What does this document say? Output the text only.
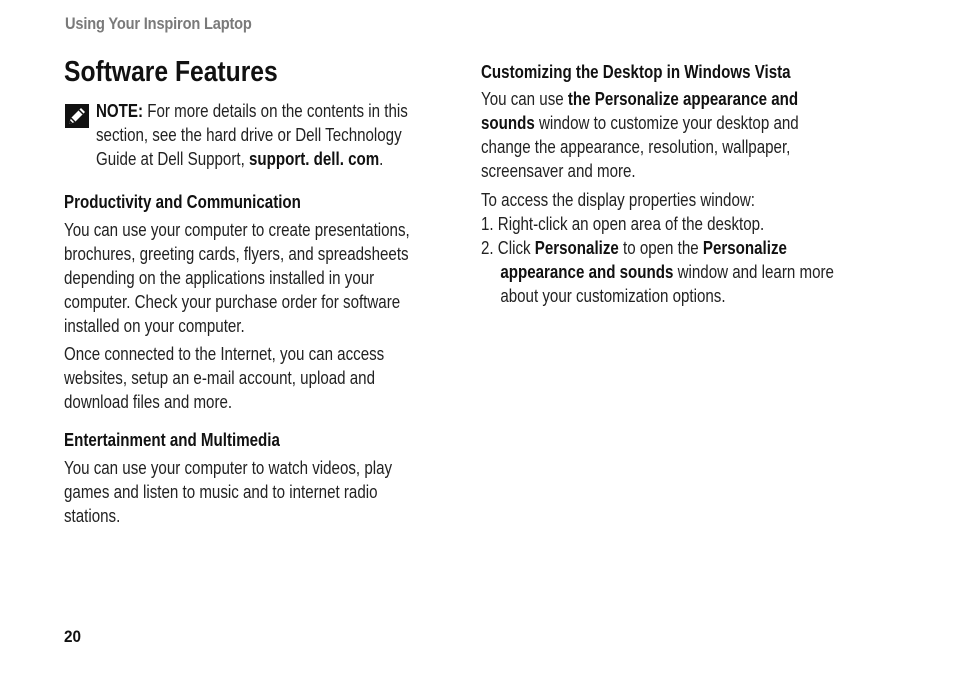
Using Your Inspiron Laptop
Software Features
NOTE: For more details on the contents in this
section, see the hard drive or Dell Technology
Guide at Dell Support, support. dell. com.
Productivity and Communication
You can use your computer to create presentations,
brochures, greeting cards, flyers, and spreadsheets
depending on the applications installed in your
computer. Check your purchase order for software
installed on your computer.
Once connected to the Internet, you can access
websites, setup an e-mail account, upload and
download files and more.
Entertainment and Multimedia
You can use your computer to watch videos, play
games and listen to music and to internet radio
stations.
Customizing the Desktop in Windows Vista
You can use the Personalize appearance and
sounds window to customize your desktop and
change the appearance, resolution, wallpaper,
screensaver and more.
To access the display properties window:
1. Right-click an open area of the desktop.
2. Click Personalize to open the Personalize
appearance and sounds window and learn more
about your customization options.
20
